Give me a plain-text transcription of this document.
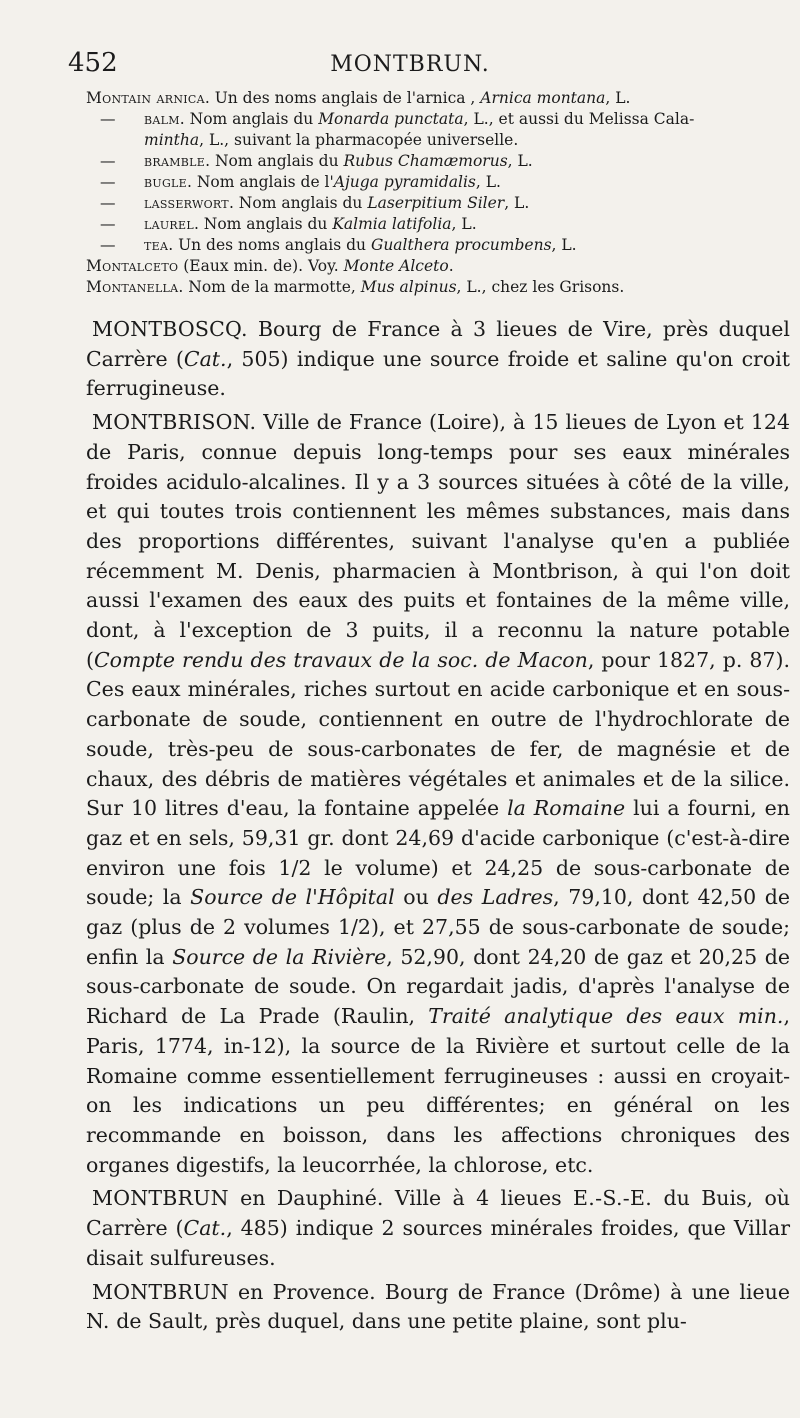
452	MONTBRUN.
Montain arnica. Un des noms anglais de l'arnica , Arnica montana, L.
— balm. Nom anglais du Monarda punctata, L., et aussi du Melissa Cala-
mintha, L., suivant la pharmacopée universelle.
— bramble. Nom anglais du Rubus Chamæmorus, L.
— bugle. Nom anglais de l'Ajuga pyramidalis, L.
— lasserwort. Nom anglais du Laserpitium Siler, L.
— laurel. Nom anglais du Kalmia latifolia, L.
— tea. Un des noms anglais du Gualthera procumbens, L.
Montalceto (Eaux min. de). Voy. Monte Alceto.
Montanella. Nom de la marmotte, Mus alpinus, L., chez les Grisons.

MONTBOSCQ. Bourg de France à 3 lieues de Vire, près duquel Carrère (Cat., 505) indique une source froide et saline qu'on croit ferrugineuse.

MONTBRISON. Ville de France (Loire), à 15 lieues de Lyon et 124 de Paris, connue depuis long-temps pour ses eaux minérales froides acidulo-alcalines. Il y a 3 sources situées à côté de la ville, et qui toutes trois contiennent les mêmes substances, mais dans des proportions différentes, suivant l'analyse qu'en a publiée récemment M. Denis, pharmacien à Montbrison, à qui l'on doit aussi l'examen des eaux des puits et fontaines de la même ville, dont, à l'exception de 3 puits, il a reconnu la nature potable (Compte rendu des travaux de la soc. de Macon, pour 1827, p. 87). Ces eaux minérales, riches surtout en acide carbonique et en sous-carbonate de soude, contiennent en outre de l'hydrochlorate de soude, très-peu de sous-carbonates de fer, de magnésie et de chaux, des débris de matières végétales et animales et de la silice. Sur 10 litres d'eau, la fontaine appelée la Romaine lui a fourni, en gaz et en sels, 59,31 gr. dont 24,69 d'acide carbonique (c'est-à-dire environ une fois 1/2 le volume) et 24,25 de sous-carbonate de soude; la Source de l'Hôpital ou des Ladres, 79,10, dont 42,50 de gaz (plus de 2 volumes 1/2), et 27,55 de sous-carbonate de soude; enfin la Source de la Rivière, 52,90, dont 24,20 de gaz et 20,25 de sous-carbonate de soude. On regardait jadis, d'après l'analyse de Richard de La Prade (Raulin, Traité analytique des eaux min., Paris, 1774, in-12), la source de la Rivière et surtout celle de la Romaine comme essentiellement ferrugineuses : aussi en croyait-on les indications un peu différentes; en général on les recommande en boisson, dans les affections chroniques des organes digestifs, la leucorrhée, la chlorose, etc.

MONTBRUN en Dauphiné. Ville à 4 lieues E.-S.-E. du Buis, où Carrère (Cat., 485) indique 2 sources minérales froides, que Villar disait sulfureuses.

MONTBRUN en Provence. Bourg de France (Drôme) à une lieue N. de Sault, près duquel, dans une petite plaine, sont plu-
